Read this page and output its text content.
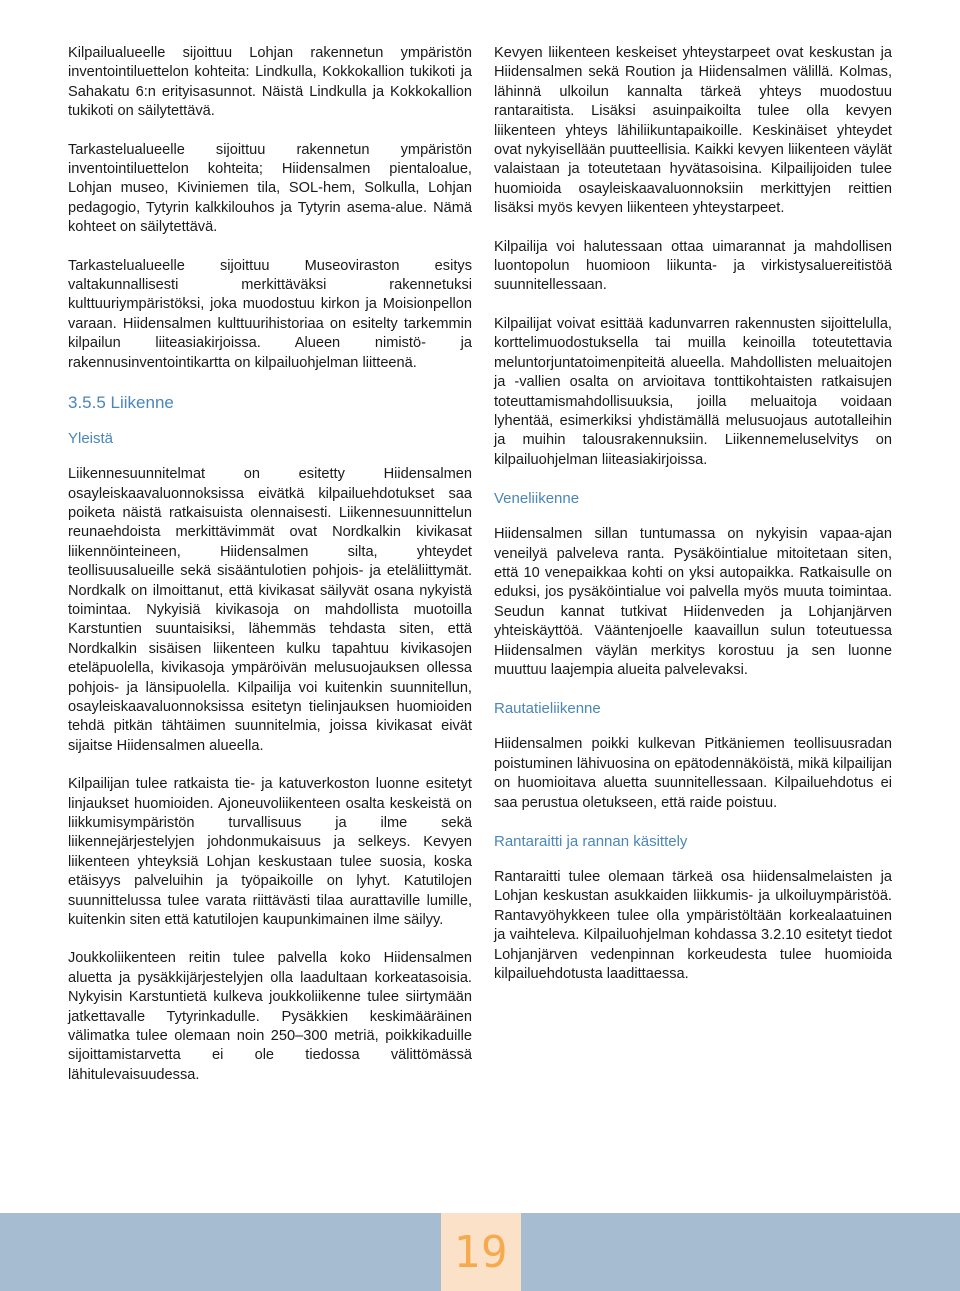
Kilpailualueelle sijoittuu Lohjan rakennetun ympäristön inventointiluettelon kohteita: Lindkulla, Kokkokallion tukikoti ja Sahakatu 6:n erityisasunnot. Näistä Lindkulla ja Kokkokallion tukikoti on säilytettävä.

Tarkastelualueelle sijoittuu rakennetun ympäristön inventointiluettelon kohteita; Hiidensalmen pientaloalue, Lohjan museo, Kiviniemen tila, SOL-hem, Solkulla, Lohjan pedagogio, Tytyrin kalkkilouhos ja Tytyrin asema-alue. Nämä kohteet on säilytettävä.

Tarkastelualueelle sijoittuu Museoviraston esitys valtakunnallisesti merkittäväksi rakennetuksi kulttuuriympäristöksi, joka muodostuu kirkon ja Moisionpellon varaan. Hiidensalmen kulttuurihistoriaa on esitelty tarkemmin kilpailun liiteasiakirjoissa. Alueen nimistö- ja rakennusinventointikartta on kilpailuohjelman liitteenä.

3.5.5 Liikenne
Yleistä

Liikennesuunnitelmat on esitetty Hiidensalmen osayleiskaavaluonnoksissa eivätkä kilpailuehdotukset saa poiketa näistä ratkaisuista olennaisesti. Liikennesuunnittelun reunaehdoista merkittävimmät ovat Nordkalkin kivikasat liikennöinteineen, Hiidensalmen silta, yhteydet teollisuusalueille sekä sisääntulotien pohjois- ja eteläliittymät. Nordkalk on ilmoittanut, että kivikasat säilyvät osana nykyistä toimintaa. Nykyisiä kivikasoja on mahdollista muotoilla Karstuntien suuntaisiksi, lähemmäs tehdasta siten, että Nordkalkin sisäisen liikenteen kulku tapahtuu kivikasojen eteläpuolella, kivikasoja ympäröivän melusuojauksen ollessa pohjois- ja länsipuolella. Kilpailija voi kuitenkin suunnitellun, osayleiskaavaluonnoksissa esitetyn tielinjauksen huomioiden tehdä pitkän tähtäimen suunnitelmia, joissa kivikasat eivät sijaitse Hiidensalmen alueella.

Kilpailijan tulee ratkaista tie- ja katuverkoston luonne esitetyt linjaukset huomioiden. Ajoneuvoliikenteen osalta keskeistä on liikkumisympäristön turvallisuus ja ilme sekä liikennejärjestelyjen johdonmukaisuus ja selkeys. Kevyen liikenteen yhteyksiä Lohjan keskustaan tulee suosia, koska etäisyys palveluihin ja työpaikoille on lyhyt. Katutilojen suunnittelussa tulee varata riittävästi tilaa aurattaville lumille, kuitenkin siten että katutilojen kaupunkimainen ilme säilyy.

Joukkoliikenteen reitin tulee palvella koko Hiidensalmen aluetta ja pysäkkijärjestelyjen olla laadultaan korkeatasoisia. Nykyisin Karstuntietä kulkeva joukkoliikenne tulee siirtymään jatkettavalle Tytyrinkadulle. Pysäkkien keskimääräinen välimatka tulee olemaan noin 250–300 metriä, poikkikaduille sijoittamistarvetta ei ole tiedossa välittömässä lähitulevaisuudessa.

Kevyen liikenteen keskeiset yhteystarpeet ovat keskustan ja Hiidensalmen sekä Roution ja Hiidensalmen välillä. Kolmas, lähinnä ulkoilun kannalta tärkeä yhteys muodostuu rantaraitista. Lisäksi asuinpaikoilta tulee olla kevyen liikenteen yhteys lähiliikuntapaikoille. Keskinäiset yhteydet ovat nykyisellään puutteellisia. Kaikki kevyen liikenteen väylät valaistaan ja toteutetaan hyvätasoisina. Kilpailijoiden tulee huomioida osayleiskaavaluonnoksiin merkittyjen reittien lisäksi myös kevyen liikenteen yhteystarpeet.

Kilpailija voi halutessaan ottaa uimarannat ja mahdollisen luontopolun huomioon liikunta- ja virkistysaluereitistöä suunnitellessaan.

Kilpailijat voivat esittää kadunvarren rakennusten sijoittelulla, korttelimuodostuksella tai muilla keinoilla toteutettavia meluntorjuntatoimenpiteitä alueella. Mahdollisten meluaitojen ja -vallien osalta on arvioitava tonttikohtaisten ratkaisujen toteuttamismahdollisuuksia, joilla meluaitoja voidaan lyhentää, esimerkiksi yhdistämällä melusuojaus autotalleihin ja muihin talousrakennuksiin. Liikennemeluselvitys on kilpailuohjelman liiteasiakirjoissa.

Veneliikenne

Hiidensalmen sillan tuntumassa on nykyisin vapaa-ajan veneilyä palveleva ranta. Pysäköintialue mitoitetaan siten, että 10 venepaikkaa kohti on yksi autopaikka. Ratkaisulle on eduksi, jos pysäköintialue voi palvella myös muuta toimintaa. Seudun kannat tutkivat Hiidenveden ja Lohjanjärven yhteiskäyttöä. Vääntenjoelle kaavaillun sulun toteutuessa Hiidensalmen väylän merkitys korostuu ja sen luonne muuttuu laajempia alueita palvelevaksi.

Rautatieliikenne

Hiidensalmen poikki kulkevan Pitkäniemen teollisuusradan poistuminen lähivuosina on epätodennäköistä, mikä kilpailijan on huomioitava aluetta suunnitellessaan. Kilpailuehdotus ei saa perustua oletukseen, että raide poistuu.

Rantaraitti ja rannan käsittely

Rantaraitti tulee olemaan tärkeä osa hiidensalmelaisten ja Lohjan keskustan asukkaiden liikkumis- ja ulkoiluympäristöä. Rantavyöhykkeen tulee olla ympäristöltään korkealaatuinen ja vaihteleva. Kilpailuohjelman kohdassa 3.2.10 esitetyt tiedot Lohjanjärven vedenpinnan korkeudesta tulee huomioida kilpailuehdotusta laadittaessa.

19
